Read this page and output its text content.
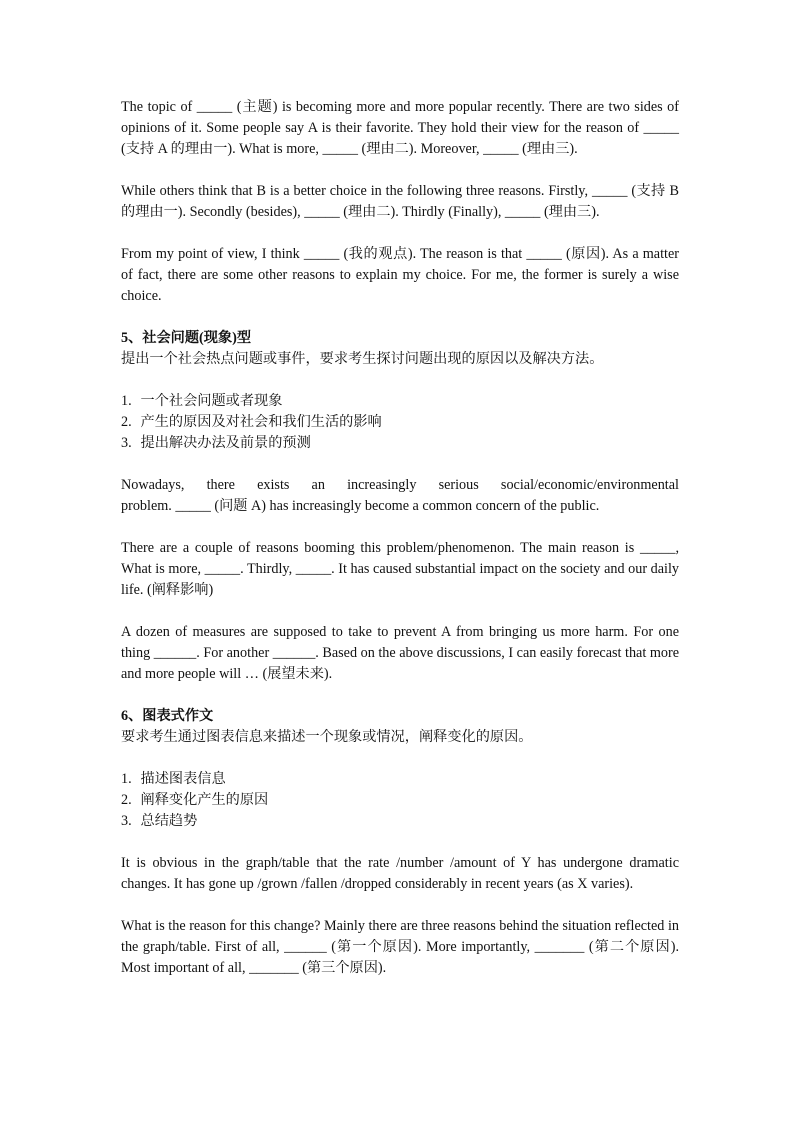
The topic of _____ (主题) is becoming more and more popular recently. There are two sides of opinions of it. Some people say A is their favorite. They hold their view for the reason of _____ (支持 A 的理由一). What is more, _____ (理由二). Moreover, _____ (理由三).

While others think that B is a better choice in the following three reasons. Firstly, _____ (支持 B 的理由一). Secondly (besides), _____ (理由二). Thirdly (Finally), _____ (理由三).

From my point of view, I think _____ (我的观点). The reason is that _____ (原因). As a matter of fact, there are some other reasons to explain my choice. For me, the former is surely a wise choice.

5、社会问题(现象)型

提出一个社会热点问题或事件，要求考生探讨问题出现的原因以及解决方法。

1. 一个社会问题或者现象
2. 产生的原因及对社会和我们生活的影响
3. 提出解决办法及前景的预测
Nowadays, there exists an increasingly serious social/economic/environmental
problem. _____ (问题 A) has increasingly become a common concern of the public.

There are a couple of reasons booming this problem/phenomenon. The main reason is _____, What is more, _____. Thirdly, _____. It has caused substantial impact on the society and our daily life. (阐释影响)

A dozen of measures are supposed to take to prevent A from bringing us more harm. For one thing ______. For another ______. Based on the above discussions, I can easily forecast that more and more people will … (展望未来).

6、图表式作文

要求考生通过图表信息来描述一个现象或情况，阐释变化的原因。

1. 描述图表信息
2. 阐释变化产生的原因
3. 总结趋势

It is obvious in the graph/table that the rate /number /amount of Y has undergone dramatic changes. It has gone up /grown /fallen /dropped considerably in recent years (as X varies).

What is the reason for this change? Mainly there are three reasons behind the situation reflected in the graph/table. First of all, ______ (第一个原因). More importantly, _______ (第二个原因). Most important of all, _______ (第三个原因).
